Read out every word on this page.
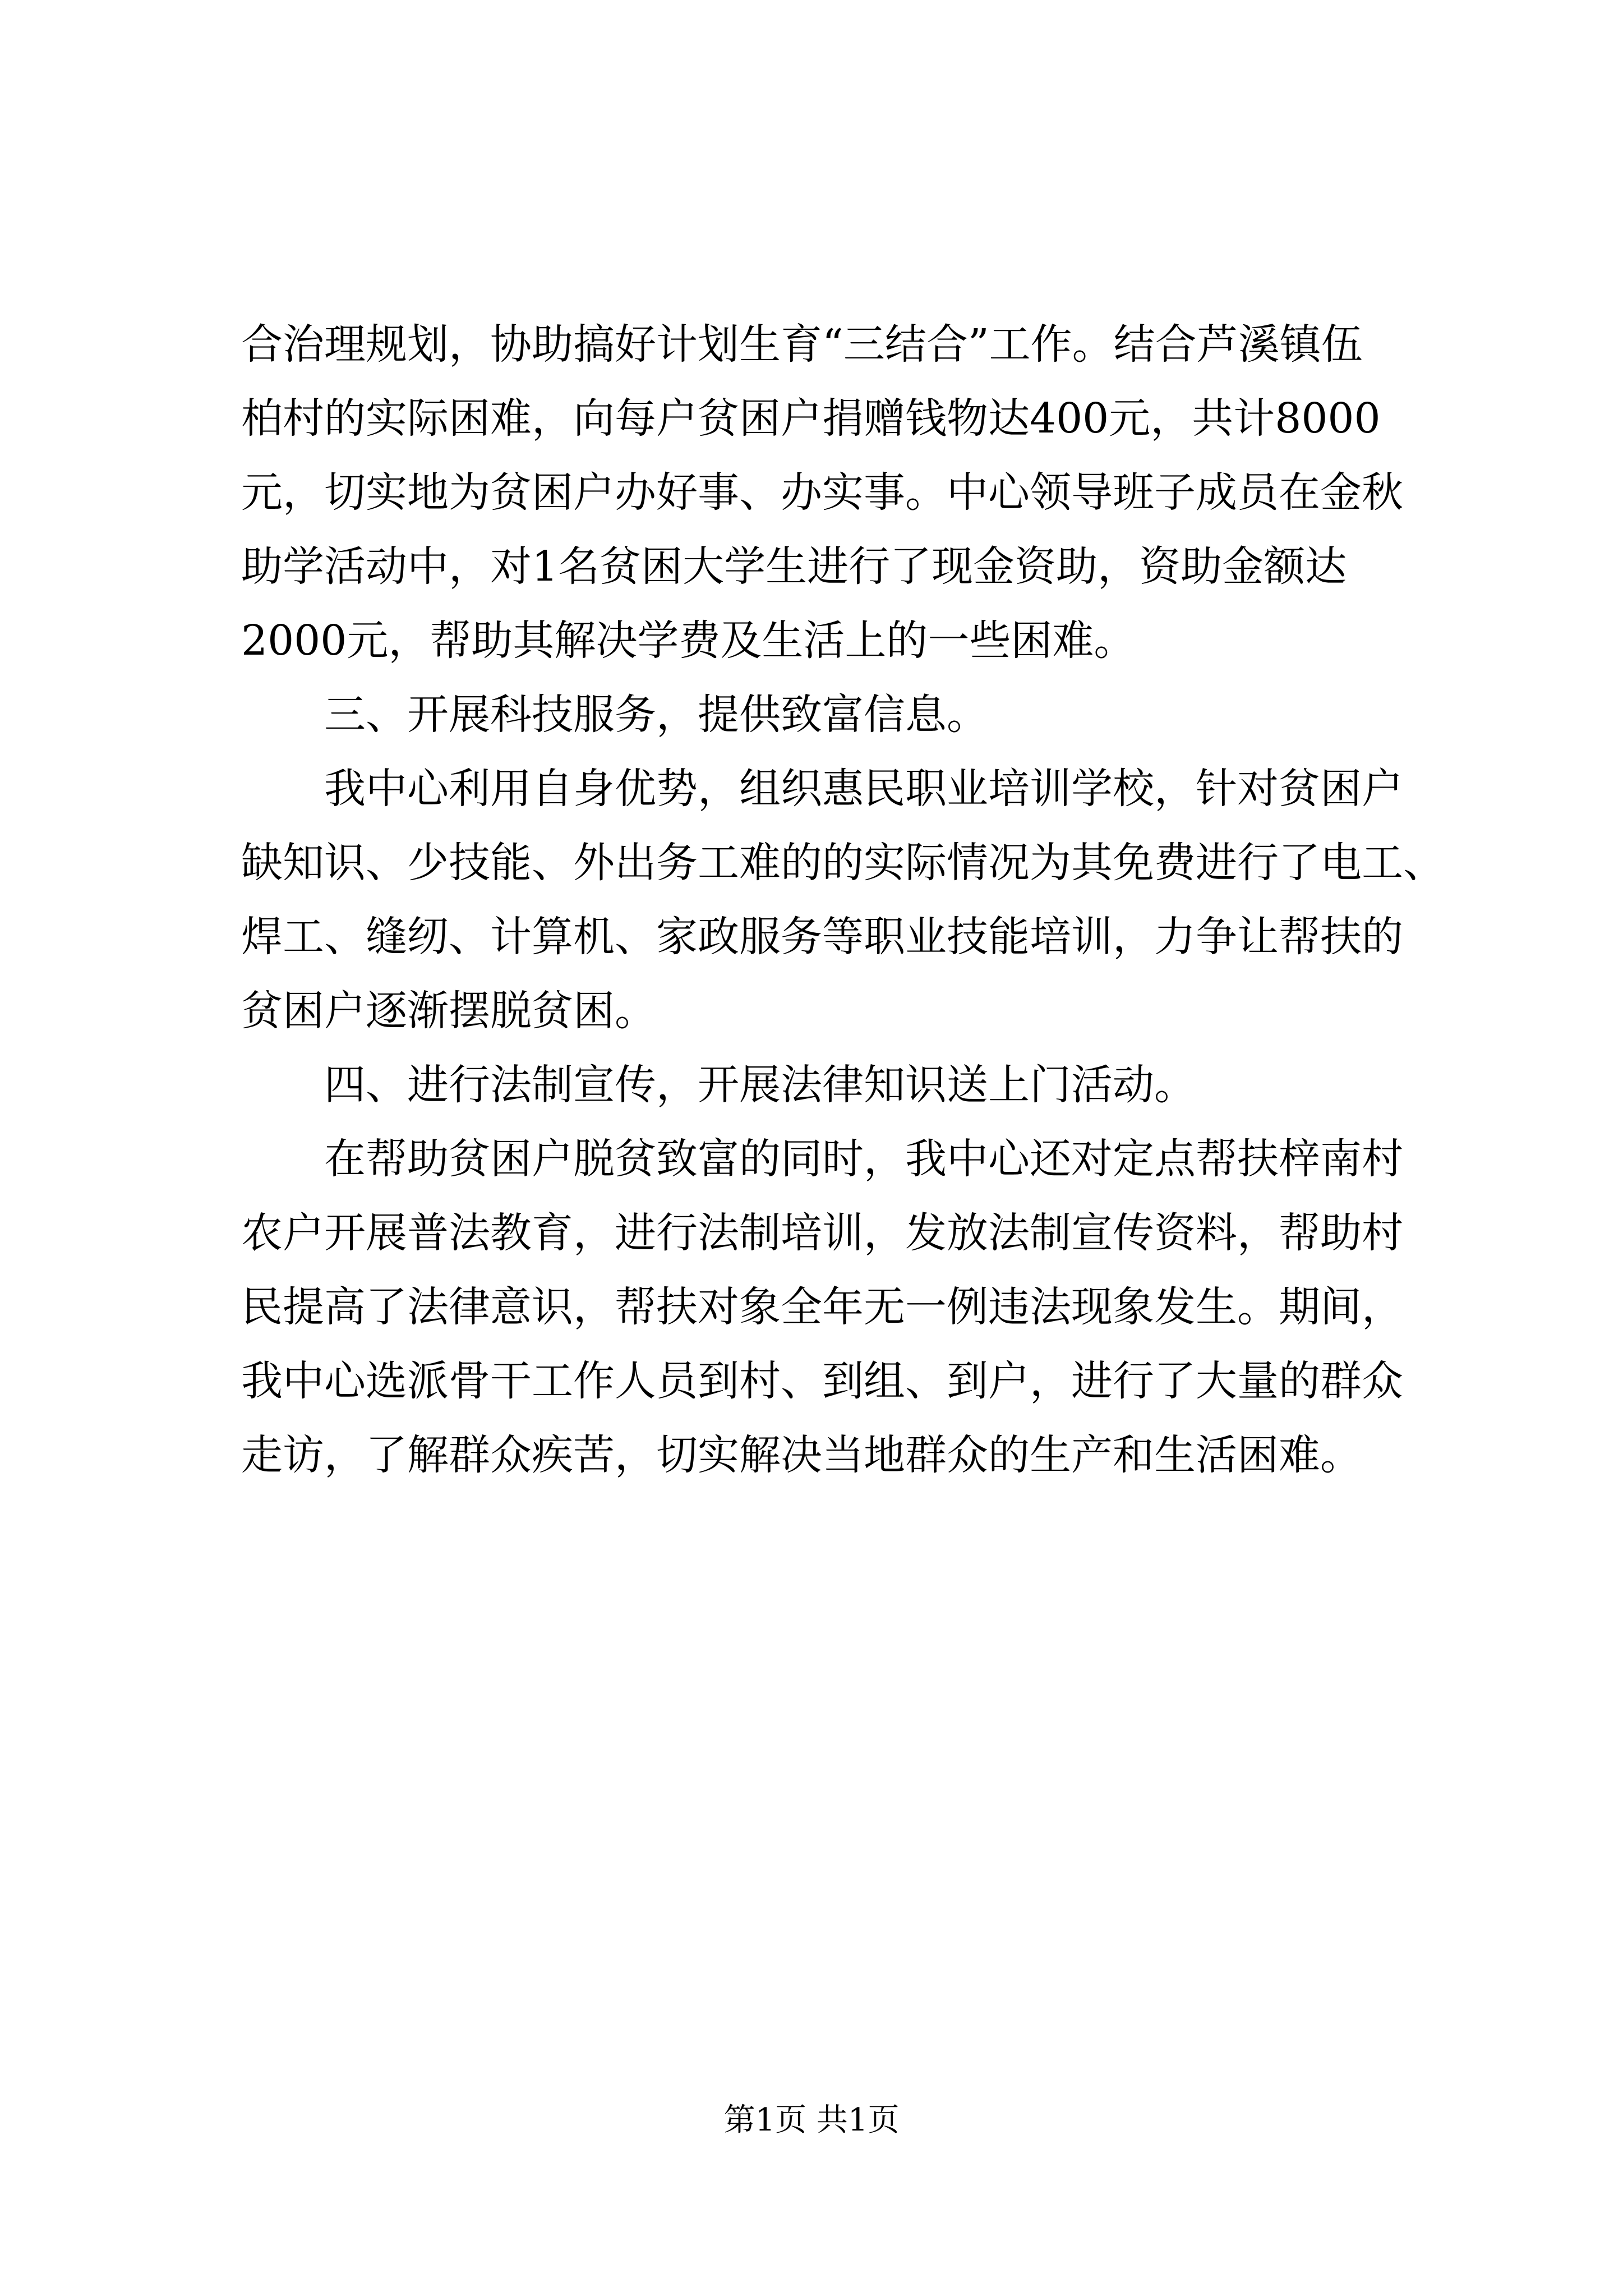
合治理规划，协助搞好计划生育“三结合”工作。结合芦溪镇伍
柏村的实际困难，向每户贫困户捐赠钱物达400元，共计8000
元，切实地为贫困户办好事、办实事。中心领导班子成员在金秋
助学活动中，对1名贫困大学生进行了现金资助，资助金额达
2000元，帮助其解决学费及生活上的一些困难。
　　三、开展科技服务，提供致富信息。
　　我中心利用自身优势，组织惠民职业培训学校，针对贫困户
缺知识、少技能、外出务工难的的实际情况为其免费进行了电工、
焊工、缝纫、计算机、家政服务等职业技能培训，力争让帮扶的
贫困户逐渐摆脱贫困。
　　四、进行法制宣传，开展法律知识送上门活动。
　　在帮助贫困户脱贫致富的同时，我中心还对定点帮扶梓南村
农户开展普法教育，进行法制培训，发放法制宣传资料，帮助村
民提高了法律意识，帮扶对象全年无一例违法现象发生。期间，
我中心选派骨干工作人员到村、到组、到户，进行了大量的群众
走访，了解群众疾苦，切实解决当地群众的生产和生活困难。
第1页 共1页
